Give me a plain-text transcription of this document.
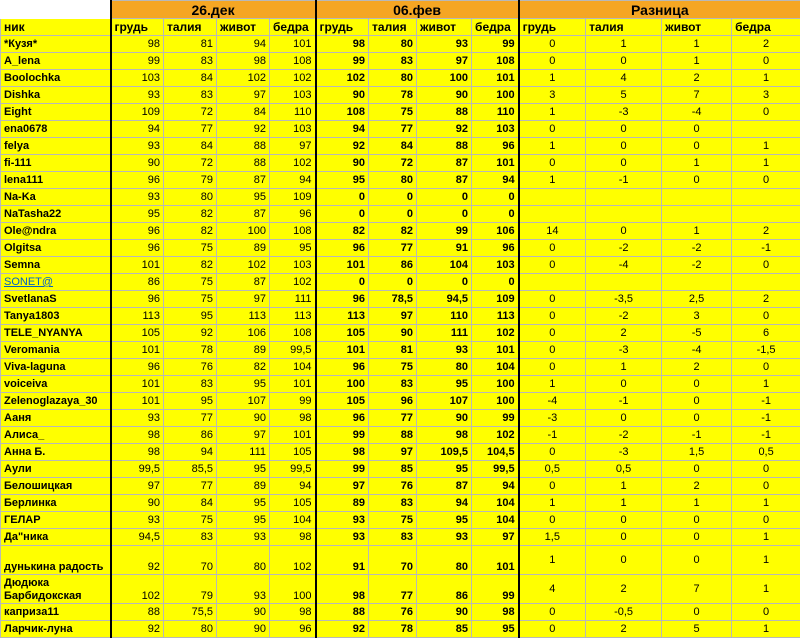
	26.дек				06.фев				Разница			
ник	грудь	талия	живот	бедра	грудь	талия	живот	бедра	грудь	талия	живот	бедра
*Кузя*	98	81	94	101	98	80	93	99	0	1	1	2
A_lena	99	83	98	108	99	83	97	108	0	0	1	0
Boolochka	103	84	102	102	102	80	100	101	1	4	2	1
Dishka	93	83	97	103	90	78	90	100	3	5	7	3
Eight	109	72	84	110	108	75	88	110	1	-3	-4	0
ena0678	94	77	92	103	94	77	92	103	0	0	0	
felya	93	84	88	97	92	84	88	96	1	0	0	1
fi-111	90	72	88	102	90	72	87	101	0	0	1	1
lena111	96	79	87	94	95	80	87	94	1	-1	0	0
Na-Ka	93	80	95	109	0	0	0	0				
NaTasha22	95	82	87	96	0	0	0	0				
Ole@ndra	96	82	100	108	82	82	99	106	14	0	1	2
Olgitsa	96	75	89	95	96	77	91	96	0	-2	-2	-1
Semna	101	82	102	103	101	86	104	103	0	-4	-2	0
SONET@	86	75	87	102	0	0	0	0				
SvetlanaS	96	75	97	111	96	78,5	94,5	109	0	-3,5	2,5	2
Tanya1803	113	95	113	113	113	97	110	113	0	-2	3	0
TELE_NYANYA	105	92	106	108	105	90	111	102	0	2	-5	6
Veromania	101	78	89	99,5	101	81	93	101	0	-3	-4	-1,5
Viva-laguna	96	76	82	104	96	75	80	104	0	1	2	0
voiceiva	101	83	95	101	100	83	95	100	1	0	0	1
Zelenoglazaya_30	101	95	107	99	105	96	107	100	-4	-1	0	-1
Ааня	93	77	90	98	96	77	90	99	-3	0	0	-1
Алиса_	98	86	97	101	99	88	98	102	-1	-2	-1	-1
Анна Б.	98	94	111	105	98	97	109,5	104,5	0	-3	1,5	0,5
Аули	99,5	85,5	95	99,5	99	85	95	99,5	0,5	0,5	0	0
Белошицкая	97	77	89	94	97	76	87	94	0	1	2	0
Берлинка	90	84	95	105	89	83	94	104	1	1	1	1
ГЕЛАР	93	75	95	104	93	75	95	104	0	0	0	0
Да"ника	94,5	83	93	98	93	83	93	97	1,5	0	0	1
дунькина радость	92	70	80	102	91	70	80	101	1	0	0	1
Дюдюка Барбидокская	102	79	93	100	98	77	86	99	4	2	7	1
капризa11	88	75,5	90	98	88	76	90	98	0	-0,5	0	0
Ларчик-луна	92	80	90	96	92	78	85	95	0	2	5	1
